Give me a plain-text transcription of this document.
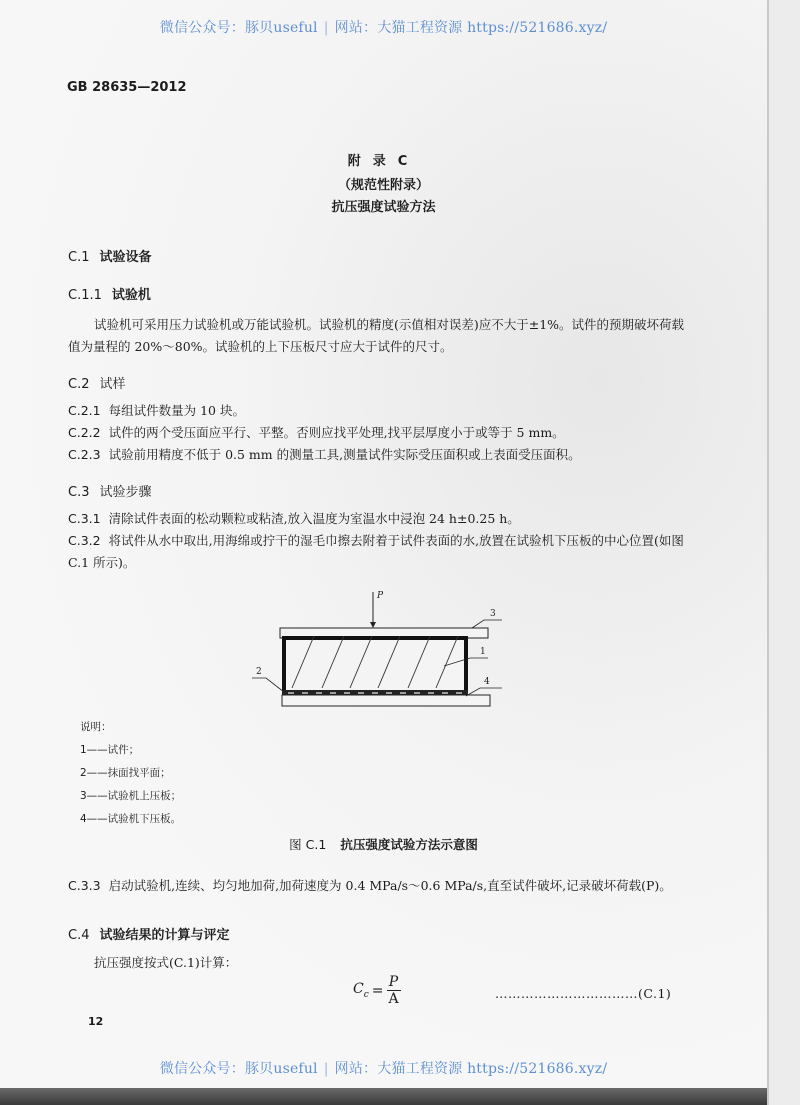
微信公众号：豚贝useful | 网站：大猫工程资源 https://521686.xyz/
GB 28635—2012
附录C
（规范性附录）
抗压强度试验方法
C.1 试验设备
C.1.1 试验机
试验机可采用压力试验机或万能试验机。试验机的精度(示值相对误差)应不大于±1%。试件的预期破坏荷载值为量程的 20%～80%。试验机的上下压板尺寸应大于试件的尺寸。
C.2 试样
C.2.1 每组试件数量为 10 块。
C.2.2 试件的两个受压面应平行、平整。否则应找平处理,找平层厚度小于或等于 5 mm。
C.2.3 试验前用精度不低于 0.5 mm 的测量工具,测量试件实际受压面积或上表面受压面积。
C.3 试验步骤
C.3.1 清除试件表面的松动颗粒或粘渣,放入温度为室温水中浸泡 24 h±0.25 h。
C.3.2 将试件从水中取出,用海绵或拧干的湿毛巾擦去附着于试件表面的水,放置在试验机下压板的中心位置(如图 C.1 所示)。
P
3
1
2
4
说明：
1——试件；
2——抹面找平面；
3——试验机上压板；
4——试验机下压板。
图 C.1 抗压强度试验方法示意图
C.3.3 启动试验机,连续、均匀地加荷,加荷速度为 0.4 MPa/s～0.6 MPa/s,直至试件破坏,记录破坏荷载(P)。
C.4 试验结果的计算与评定
抗压强度按式(C.1)计算：
$C_c = \frac{P}{A}$	……………………………(C.1)
12
微信公众号：豚贝useful | 网站：大猫工程资源 https://521686.xyz/
